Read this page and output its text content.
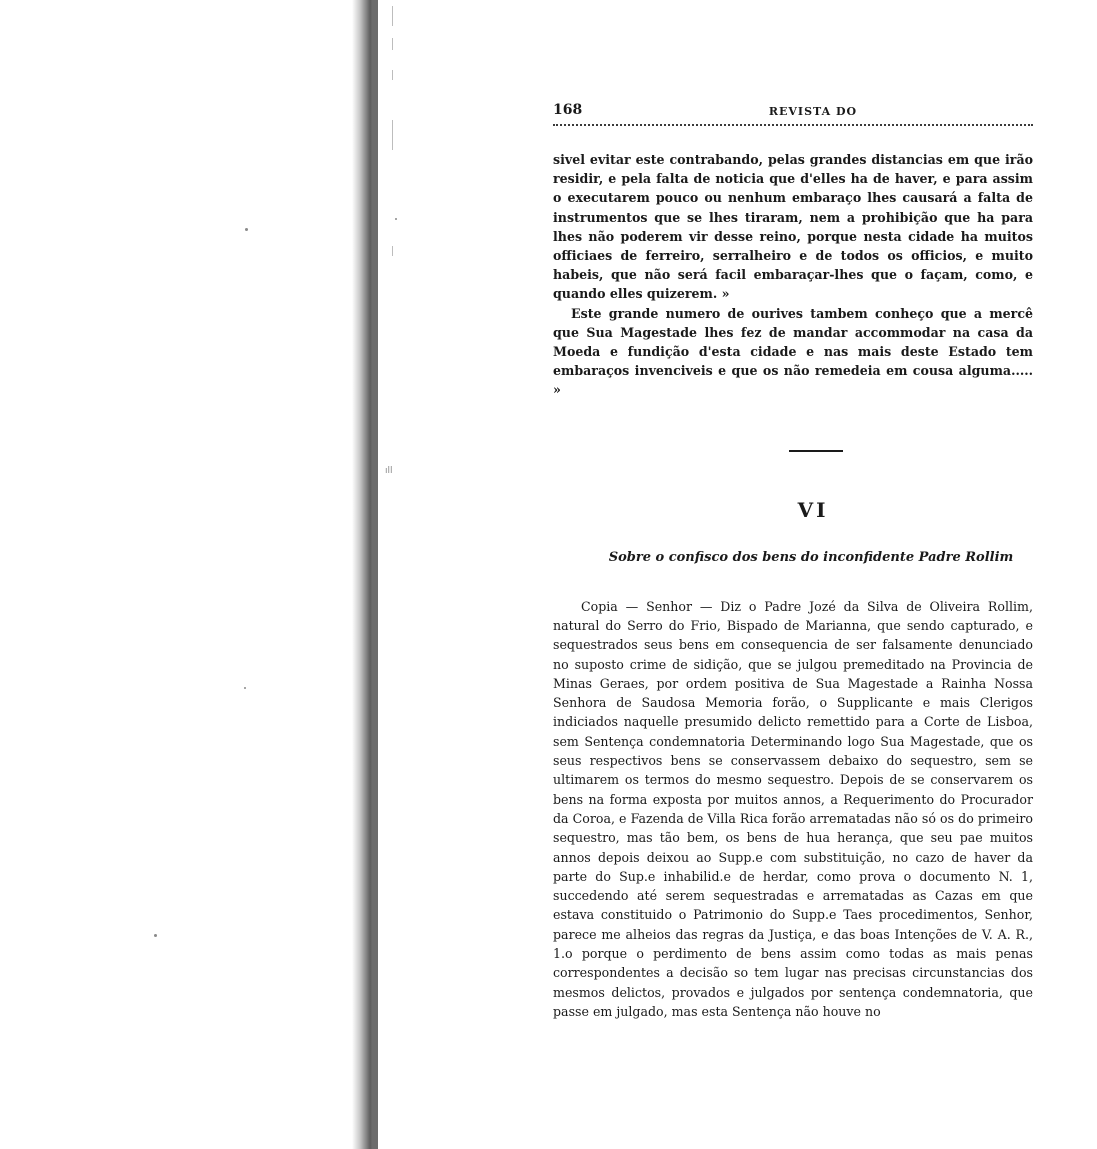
ıll
168	REVISTA DO

sivel evitar este contrabando, pelas grandes distancias em que irão residir, e pela falta de noticia que d'elles ha de haver, e para assim o executarem pouco ou nenhum embaraço lhes causará a falta de instrumentos que se lhes tiraram, nem a prohibição que ha para lhes não poderem vir desse reino, porque nesta cidade ha muitos officiaes de ferreiro, serralheiro e de todos os officios, e muito habeis, que não será facil embaraçar-lhes que o façam, como, e quando elles quizerem. »

Este grande numero de ourives tambem conheço que a mercê que Sua Magestade lhes fez de mandar accommodar na casa da Moeda e fundição d'esta cidade e nas mais deste Estado tem embaraços invenciveis e que os não remedeia em cousa alguma..... »

VI
Sobre o confisco dos bens do inconfidente Padre Rollim

Copia — Senhor — Diz o Padre Jozé da Silva de Oliveira Rollim, natural do Serro do Frio, Bispado de Marianna, que sendo capturado, e sequestrados seus bens em consequencia de ser falsamente denunciado no suposto crime de sidição, que se julgou premeditado na Provincia de Minas Geraes, por ordem positiva de Sua Magestade a Rainha Nossa Senhora de Saudosa Memoria forão, o Supplicante e mais Clerigos indiciados naquelle presumido delicto remettido para a Corte de Lisboa, sem Sentença condemnatoria Determinando logo Sua Magestade, que os seus respectivos bens se conservassem debaixo do sequestro, sem se ultimarem os termos do mesmo sequestro. Depois de se conservarem os bens na forma exposta por muitos annos, a Requerimento do Procurador da Coroa, e Fazenda de Villa Rica forão arrematadas não só os do primeiro sequestro, mas tão bem, os bens de hua herança, que seu pae muitos annos depois deixou ao Supp.e com substituição, no cazo de haver da parte do Sup.e inhabilid.e de herdar, como prova o documento N. 1, succedendo até serem sequestradas e arrematadas as Cazas em que estava constituido o Patrimonio do Supp.e Taes procedimentos, Senhor, parece me alheios das regras da Justiça, e das boas Intenções de V. A. R., 1.o porque o perdimento de bens assim como todas as mais penas correspondentes a decisão so tem lugar nas precisas circunstancias dos mesmos delictos, provados e julgados por sentença condemnatoria, que passe em julgado, mas esta Sentença não houve no
